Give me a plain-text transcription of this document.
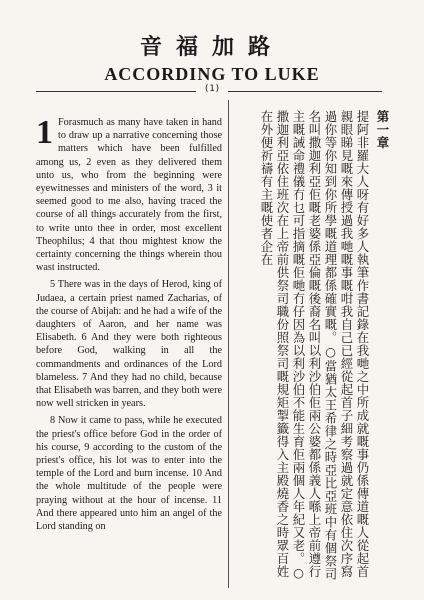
音福加路
ACCORDING TO LUKE
(1)

1 Forasmuch as many have taken in hand to draw up a narrative concerning those matters which have been fulfilled among us, 2 even as they delivered them unto us, who from the beginning were eyewitnesses and ministers of the word, 3 it seemed good to me also, having traced the course of all things accurately from the first, to write unto thee in order, most excellent Theophilus; 4 that thou mightest know the certainty concerning the things wherein thou wast instructed.

5 There was in the days of Herod, king of Judaea, a certain priest named Zacharias, of the course of Abijah: and he had a wife of the daughters of Aaron, and her name was Elisabeth. 6 And they were both righteous before God, walking in all the commandments and ordinances of the Lord blameless. 7 And they had no child, because that Elisabeth was barren, and they both were now well stricken in years.

8 Now it came to pass, while he executed the priest's office before God in the order of his course, 9 according to the custom of the priest's office, his lot was to enter into the temple of the Lord and burn incense. 10 And the whole multitude of the people were praying without at the hour of incense. 11 And there appeared unto him an angel of the Lord standing on

第一章

提阿非羅大人呀有好多人執筆作書記錄在我哋之中所成就嘅事仍係傳道嘅人從起首親眼睇見嘅來傳授過我哋嘅事嘅咁我自己已經從起首子細考察過就定意依住次序寫過你等你知到你所學嘅道理都係確實嘅。○當猶太王希律之時亞比亞班中有個祭司名叫撒迦利亞佢嘅老婆係亞倫嘅後裔名叫以利沙伯佢兩公婆都係義人喺上帝前遵行主嘅誡命禮儀冇乜可指摘嘅佢哋冇仔因為以利沙伯不能生育佢兩個人年紀又老。○撒迦利亞依住班次在上帝前供祭司職份照祭司嘅規矩掣籤得入主殿燒香之時眾百姓在外便祈禱有主嘅使者企在
